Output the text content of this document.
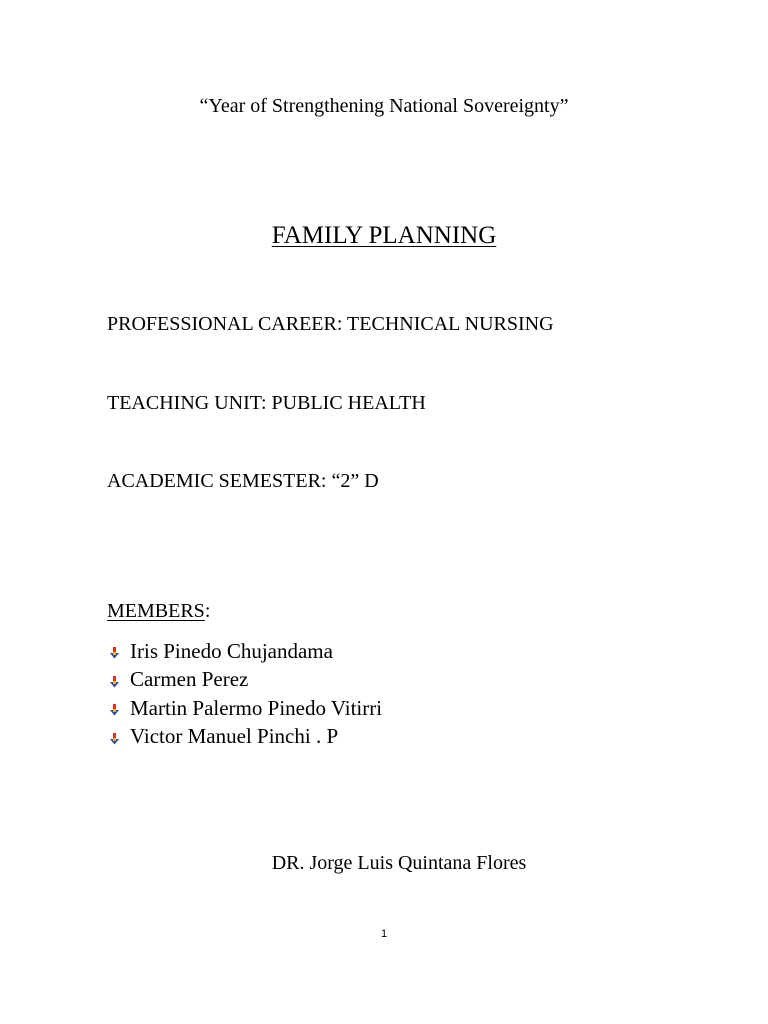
“Year of Strengthening National Sovereignty”
FAMILY PLANNING
PROFESSIONAL CAREER: TECHNICAL NURSING
TEACHING UNIT: PUBLIC HEALTH
ACADEMIC SEMESTER: “2” D
MEMBERS:
Iris Pinedo Chujandama
Carmen Perez
Martin Palermo Pinedo Vitirri
Victor Manuel Pinchi . P
DR. Jorge Luis Quintana Flores
1
